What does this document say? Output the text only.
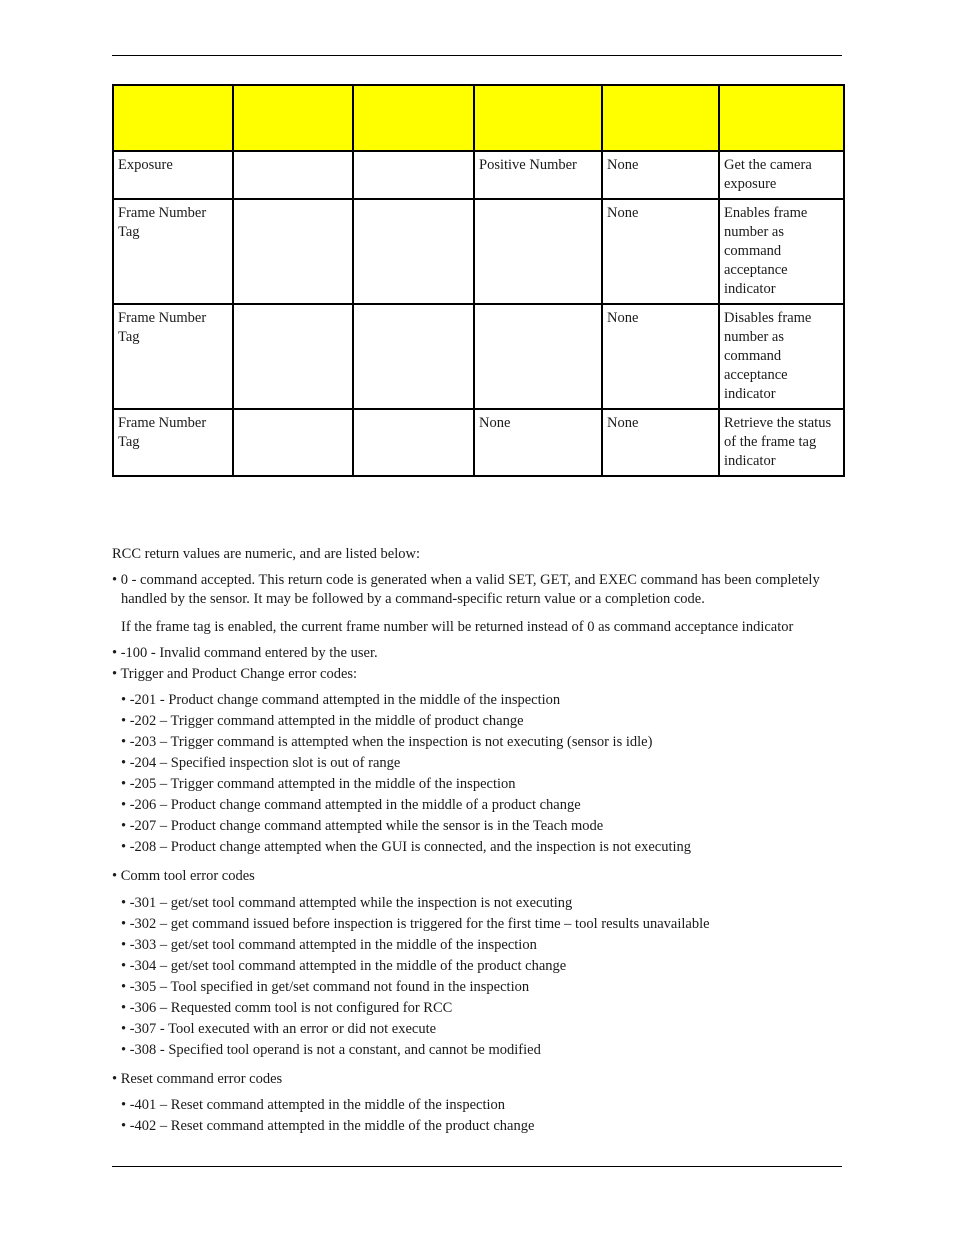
Exposure			Positive Number	None	Get the camera exposure
Frame Number Tag				None	Enables frame number as command acceptance indicator
Frame Number Tag				None	Disables frame number as command acceptance indicator
Frame Number Tag			None	None	Retrieve the status of the frame tag indicator
RCC return values are numeric, and are listed below:
• 0 - command accepted. This return code is generated when a valid SET, GET, and EXEC command has been completely
handled by the sensor. It may be followed by a command-specific return value or a completion code.
If the frame tag is enabled, the current frame number will be returned instead of 0 as command acceptance indicator
• -100 - Invalid command entered by the user.
• Trigger and Product Change error codes:
• -201 - Product change command attempted in the middle of the inspection
• -202 – Trigger command attempted in the middle of product change
• -203 – Trigger command is attempted when the inspection is not executing (sensor is idle)
• -204 – Specified inspection slot is out of range
• -205 – Trigger command attempted in the middle of the inspection
• -206 – Product change command attempted in the middle of a product change
• -207 – Product change command attempted while the sensor is in the Teach mode
• -208 – Product change attempted when the GUI is connected, and the inspection is not executing
• Comm tool error codes
• -301 – get/set tool command attempted while the inspection is not executing
• -302 – get command issued before inspection is triggered for the first time – tool results unavailable
• -303 – get/set tool command attempted in the middle of the inspection
• -304 – get/set tool command attempted in the middle of the product change
• -305 – Tool specified in get/set command not found in the inspection
• -306 – Requested comm tool is not configured for RCC
• -307 - Tool executed with an error or did not execute
• -308 - Specified tool operand is not a constant, and cannot be modified
• Reset command error codes
• -401 – Reset command attempted in the middle of the inspection
• -402 – Reset command attempted in the middle of the product change
